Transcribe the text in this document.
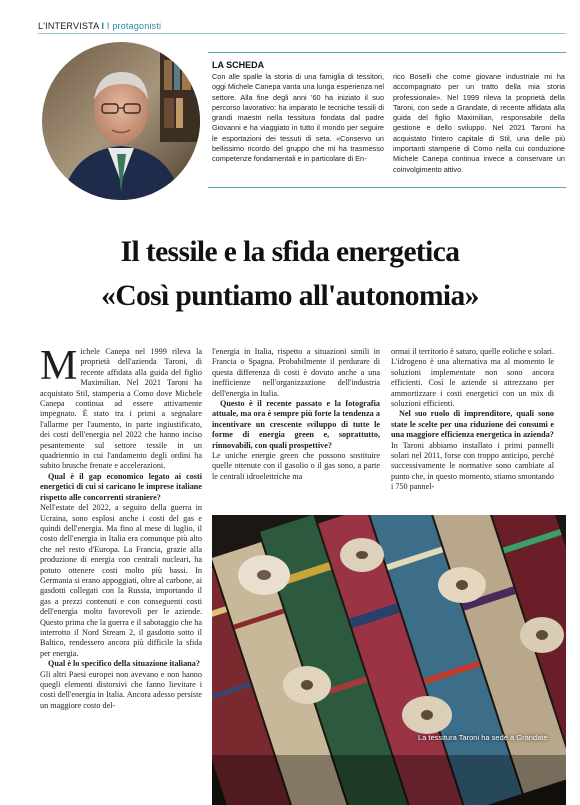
L'INTERVISTA I I protagonisti
LA SCHEDA
Con alle spalle la storia di una famiglia di tessitori, oggi Michele Canepa vanta una lunga esperienza nel settore. Alla fine degli anni '60 ha iniziato il suo percorso lavorativo: ha imparato le tecniche tessili di grandi maestri nella tessitura fondata dal padre Giovanni e ha viaggiato in tutto il mondo per seguire le esportazioni dei tessuti di seta. «Conservo un bellissimo ricordo del gruppo che mi ha trasmesso competenze fondamentali e in particolare di En-
rico Boselli che come giovane industriale mi ha accompagnato per un tratto della mia storia professionale». Nel 1999 rileva la proprietà della Taroni, con sede a Grandate, di recente affidata alla guida del figlio Maximilian, responsabile della gestione e dello sviluppo. Nel 2021 Taroni ha acquistato l'intero capitale di Stil, una delle più importanti stamperie di Como nella cui conduzione Michele Canepa continua invece a conservare un coinvolgimento attivo.
Il tessile e la sfida energetica
«Così puntiamo all'autonomia»

Michele Canepa nel 1999 rileva la proprietà dell'azienda Taroni, di recente affidata alla guida del figlio Maximilian. Nel 2021 Taroni ha acquistato Stil, stamperia a Como dove Michele Canepa continua ad essere attivamente impegnato. È stato tra i primi a segnalare l'allarme per l'aumento, in parte ingiustificato, dei costi dell'energia nel 2022 che hanno inciso pesantemente sul settore tessile in un quadriennio in cui l'andamento degli ordini ha subito brusche frenate e accelerazioni.

Qual è il gap economico legato ai costi energetici di cui si caricano le imprese italiane rispetto alle concorrenti straniere?

Nell'estate del 2022, a seguito della guerra in Ucraina, sono esplosi anche i costi del gas e quindi dell'energia. Ma fino al mese di luglio, il costo dell'energia in Italia era comunque più alto che nel resto d'Europa. La Francia, grazie alla produzione di energia con centrali nucleari, ha potuto ottenere costi molto più bassi. In Germania si erano appoggiati, oltre al carbone, ai gasdotti collegati con la Russia, importando il gas a prezzi contenuti e con conseguenti costi dell'energia molto favorevoli per le aziende. Questo prima che la guerra e il sabotaggio che ha interrotto il Nord Stream 2, il gasdotto sotto il Baltico, rendessero ancora più difficile la sfida per energia.

Qual è lo specifico della situazione italiana?

Gli altri Paesi europei non avevano e non hanno quegli elementi distorsivi che fanno lievitare i costi dell'energia in Italia. Ancora adesso persiste un maggiore costo del-

l'energia in Italia, rispetto a situazioni simili in Francia o Spagna. Probabilmente il perdurare di questa differenza di costi è dovuto anche a una inefficienze nell'organizzazione dell'industria dell'energia in Italia.

Questo è il recente passato e la fotografia attuale, ma ora è sempre più forte la tendenza a incentivare un crescente sviluppo di tutte le forme di energia green e, soprattutto, rinnovabili, con quali prospettive?

Le uniche energie green che possono sostituire quelle ottenute con il gasolio o il gas sono, a parte le centrali idroelettriche ma

ormai il territorio è saturo, quelle eoliche e solari. L'idrogeno è una alternativa ma al momento le soluzioni implementate non sono ancora efficienti. Così le aziende si attrezzano per ammortizzare i costi energetici con un mix di soluzioni efficienti.

Nel suo ruolo di imprenditore, quali sono state le scelte per una riduzione dei consumi e una maggiore efficienza energetica in azienda?

In Taroni abbiamo installato i primi pannelli solari nel 2011, forse con troppo anticipo, perché successivamente le normative sono cambiate al punto che, in questo momento, stiamo smontando i 750 pannel-

La tessitura Taroni ha sede a Grandate
